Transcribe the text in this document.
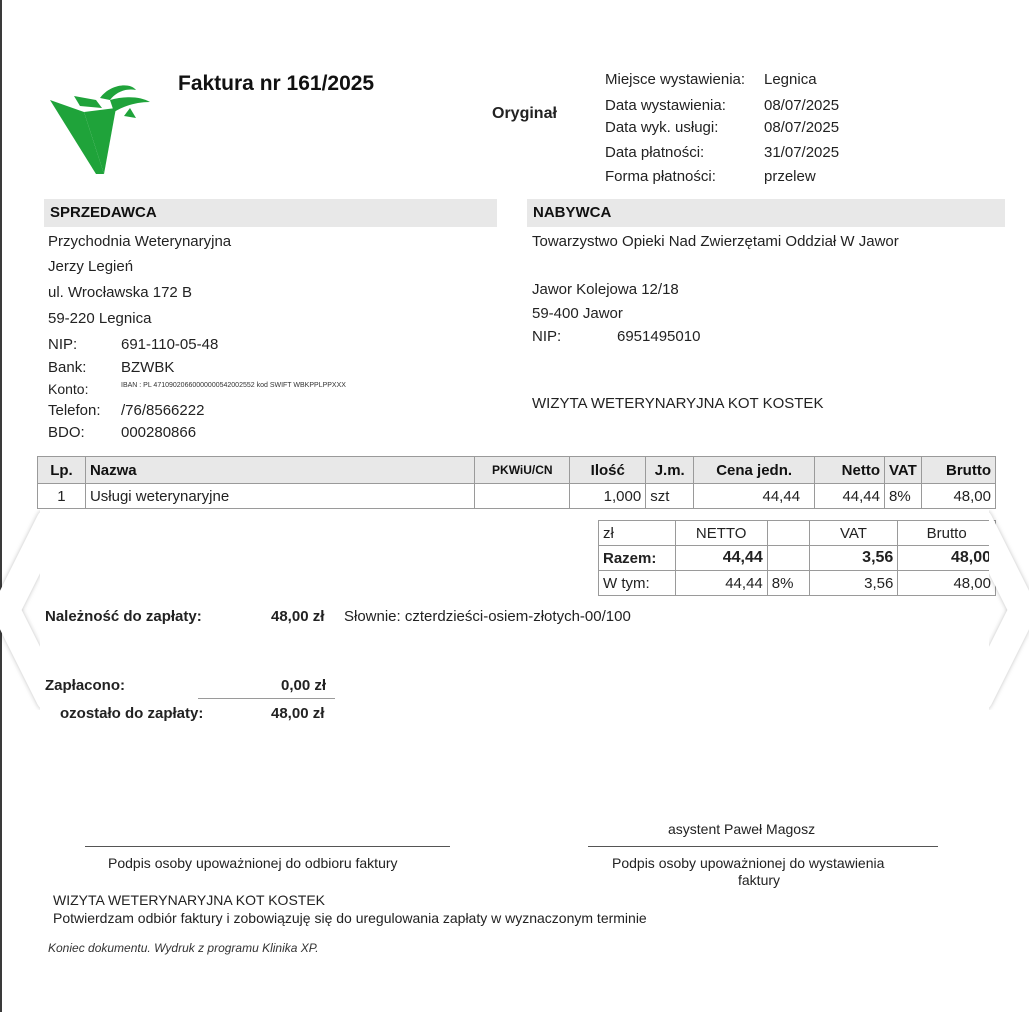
Faktura nr 161/2025
Oryginał
Miejsce wystawienia: Legnica
Data wystawienia:	08/07/2025
Data wyk. usługi:	08/07/2025
Data płatności:	31/07/2025
Forma płatności:	przelew
SPRZEDAWCA
Przychodnia Weterynaryjna
Jerzy Legień
ul. Wrocławska 172 B
59-220 Legnica
NIP:	691-110-05-48
Bank: BZWBK
Konto:	IBAN : PL 47109020660000000542002552 kod SWIFT WBKPPLPPXXX
Telefon: /76/8566222
BDO: 000280866
NABYWCA
Towarzystwo Opieki Nad Zwierzętami Oddział W Jawor
Jawor Kolejowa 12/18
59-400 Jawor
NIP:	6951495010
WIZYTA WETERYNARYJNA KOT KOSTEK
Lp.	Nazwa	PKWiU/CN	Ilość	J.m.	Cena jedn.	Netto	VAT	Brutto
1	Usługi weterynaryjne		1,000	szt	44,44	44,44	8%	48,00
zł	NETTO		VAT	Brutto
Razem:	44,44		3,56	48,00
W tym:	44,44	8%	3,56	48,00
Należność do zapłaty:	48,00 zł Słownie: czterdzieści-osiem-złotych-00/100
Zapłacono:	0,00 zł
ozostało do zapłaty:	48,00 zł
asystent Paweł Magosz
Podpis osoby upoważnionej do odbioru faktury	Podpis osoby upoważnionej do wystawienia
faktury
WIZYTA WETERYNARYJNA KOT KOSTEK
Potwierdzam odbiór faktury i zobowiązuję się do uregulowania zapłaty w wyznaczonym terminie
Koniec dokumentu. Wydruk z programu Klinika XP.
